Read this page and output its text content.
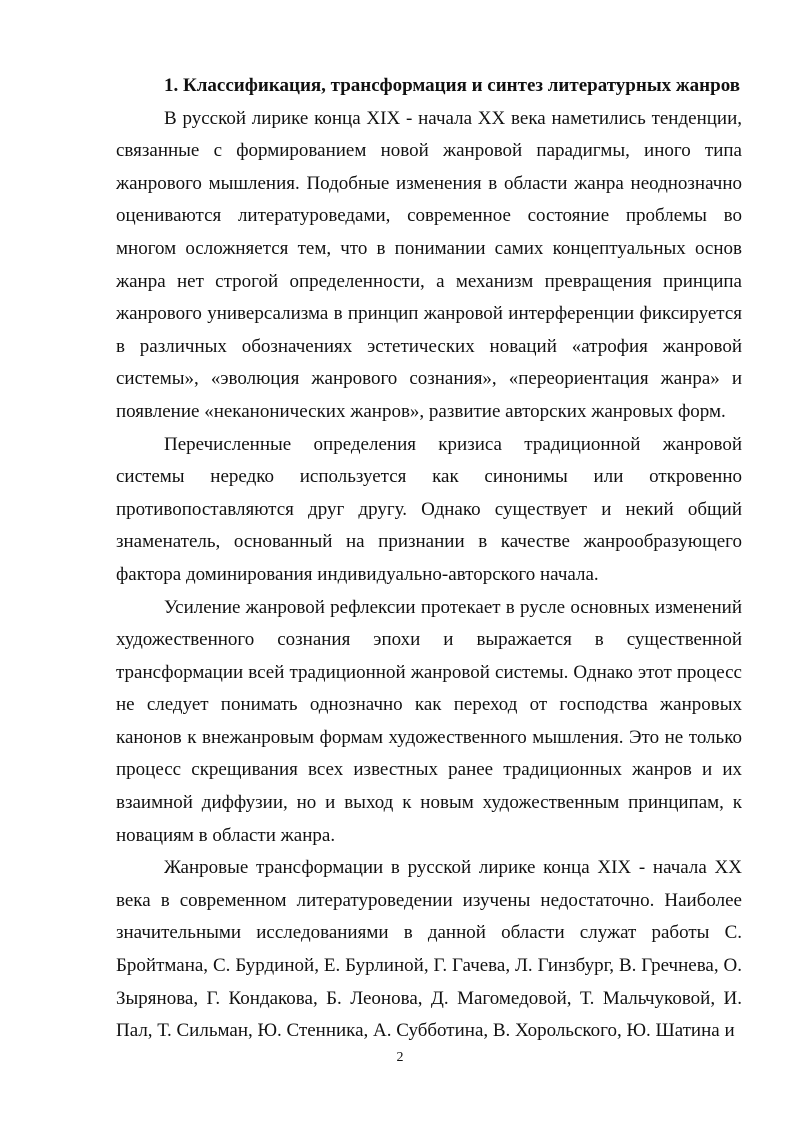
1. Классификация, трансформация и синтез литературных жанров

В русской лирике конца XIX - начала XX века наметились тенденции, связанные с формированием новой жанровой парадигмы, иного типа жанрового мышления. Подобные изменения в области жанра неоднозначно оцениваются литературоведами, современное состояние проблемы во многом осложняется тем, что в понимании самих концептуальных основ жанра нет строгой определенности, а механизм превращения принципа жанрового универсализма в принцип жанровой интерференции фиксируется в различных обозначениях эстетических новаций «атрофия жанровой системы», «эволюция жанрового сознания», «переориентация жанра» и появление «неканонических жанров», развитие авторских жанровых форм.

Перечисленные определения кризиса традиционной жанровой системы нередко используется как синонимы или откровенно противопоставляются друг другу. Однако существует и некий общий знаменатель, основанный на признании в качестве жанрообразующего фактора доминирования индивидуально-авторского начала.

Усиление жанровой рефлексии протекает в русле основных изменений художественного сознания эпохи и выражается в существенной трансформации всей традиционной жанровой системы. Однако этот процесс не следует понимать однозначно как переход от господства жанровых канонов к внежанровым формам художественного мышления. Это не только процесс скрещивания всех известных ранее традиционных жанров и их взаимной диффузии, но и выход к новым художественным принципам, к новациям в области жанра.

Жанровые трансформации в русской лирике конца XIX - начала XX века в современном литературоведении изучены недостаточно. Наиболее значительными исследованиями в данной области служат работы С. Бройтмана, С. Бурдиной, Е. Бурлиной, Г. Гачева, Л. Гинзбург, В. Гречнева, О. Зырянова, Г. Кондакова, Б. Леонова, Д. Магомедовой, Т. Мальчуковой, И. Пал, Т. Сильман, Ю. Стенника, А. Субботина, В. Хорольского, Ю. Шатина и

2
